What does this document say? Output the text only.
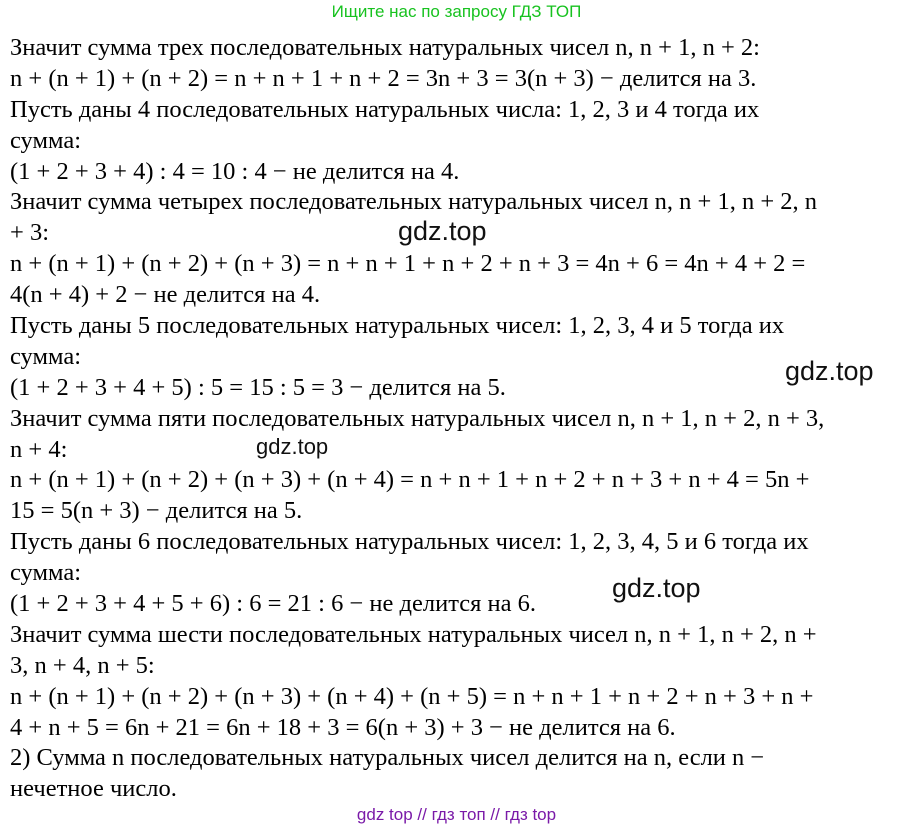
Ищите нас по запросу ГДЗ ТОП
Значит сумма трех последовательных натуральных чисел n, n + 1, n + 2:
n + (n + 1) + (n + 2) = n + n + 1 + n + 2 = 3n + 3 = 3(n + 3) − делится на 3.
Пусть даны 4 последовательных натуральных числа: 1, 2, 3 и 4 тогда их
сумма:
(1 + 2 + 3 + 4) : 4 = 10 : 4 − не делится на 4.
Значит сумма четырех последовательных натуральных чисел n, n + 1, n + 2, n
+ 3:
n + (n + 1) + (n + 2) + (n + 3) = n + n + 1 + n + 2 + n + 3 = 4n + 6 = 4n + 4 + 2 =
4(n + 4) + 2 − не делится на 4.
Пусть даны 5 последовательных натуральных чисел: 1, 2, 3, 4 и 5 тогда их
сумма:
(1 + 2 + 3 + 4 + 5) : 5 = 15 : 5 = 3 − делится на 5.
Значит сумма пяти последовательных натуральных чисел n, n + 1, n + 2, n + 3,
n + 4:
n + (n + 1) + (n + 2) + (n + 3) + (n + 4) = n + n + 1 + n + 2 + n + 3 + n + 4 = 5n +
15 = 5(n + 3) − делится на 5.
Пусть даны 6 последовательных натуральных чисел: 1, 2, 3, 4, 5 и 6 тогда их
сумма:
(1 + 2 + 3 + 4 + 5 + 6) : 6 = 21 : 6 − не делится на 6.
Значит сумма шести последовательных натуральных чисел n, n + 1, n + 2, n +
3, n + 4, n + 5:
n + (n + 1) + (n + 2) + (n + 3) + (n + 4) + (n + 5) = n + n + 1 + n + 2 + n + 3 + n +
4 + n + 5 = 6n + 21 = 6n + 18 + 3 = 6(n + 3) + 3 − не делится на 6.
2) Сумма n последовательных натуральных чисел делится на n, если n −
нечетное число.
gdz.top
gdz.top
gdz.top
gdz.top
gdz top // гдз топ // гдз top
